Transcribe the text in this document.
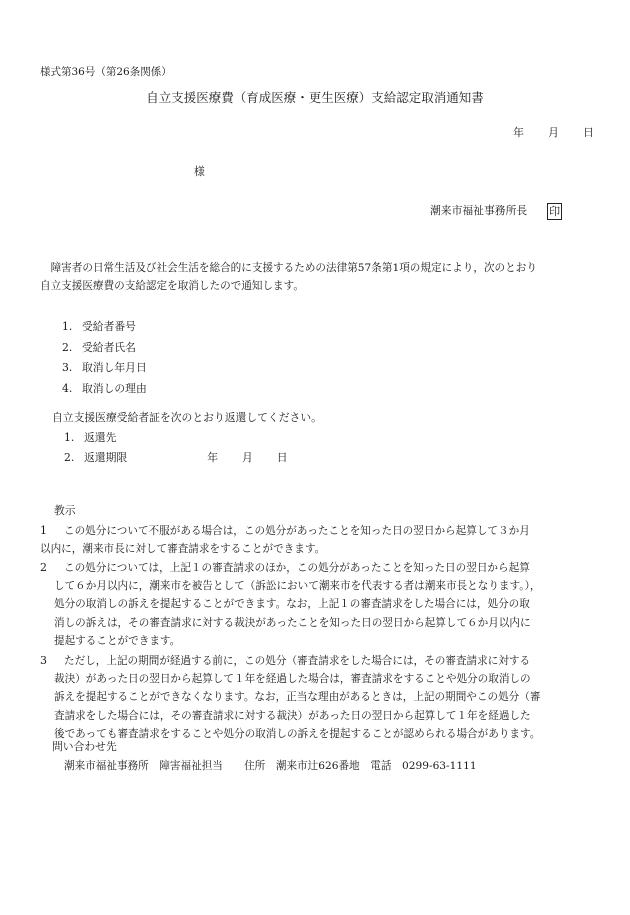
様式第36号（第26条関係）
自立支援医療費（育成医療・更生医療）支給認定取消通知書
年 月 日
様
潮来市福祉事務所長 印

　障害者の日常生活及び社会生活を総合的に支援するための法律第57条第1項の規定により，次のとおり

自立支援医療費の支給認定を取消したので通知します。

1. 受給者番号
2. 受給者氏名
3. 取消し年月日
4. 取消しの理由
自立支援医療受給者証を次のとおり返還してください。
1. 返還先
2. 返還期限	年 月 日
教示
1	この処分について不服がある場合は，この処分があったことを知った日の翌日から起算して３か月
以内に，潮来市長に対して審査請求をすることができます。
2	この処分については，上記１の審査請求のほか，この処分があったことを知った日の翌日から起算
して６か月以内に，潮来市を被告として（訴訟において潮来市を代表する者は潮来市長となります。），
処分の取消しの訴えを提起することができます。なお，上記１の審査請求をした場合には，処分の取
消しの訴えは，その審査請求に対する裁決があったことを知った日の翌日から起算して６か月以内に
提起することができます。
3	ただし，上記の期間が経過する前に，この処分（審査請求をした場合には，その審査請求に対する
裁決）があった日の翌日から起算して１年を経過した場合は，審査請求をすることや処分の取消しの
訴えを提起することができなくなります。なお，正当な理由があるときは，上記の期間やこの処分（審
査請求をした場合には，その審査請求に対する裁決）があった日の翌日から起算して１年を経過した
後であっても審査請求をすることや処分の取消しの訴えを提起することが認められる場合があります。
問い合わせ先
潮来市福祉事務所　障害福祉担当　　住所　潮来市辻626番地　電話　0299-63-1111
